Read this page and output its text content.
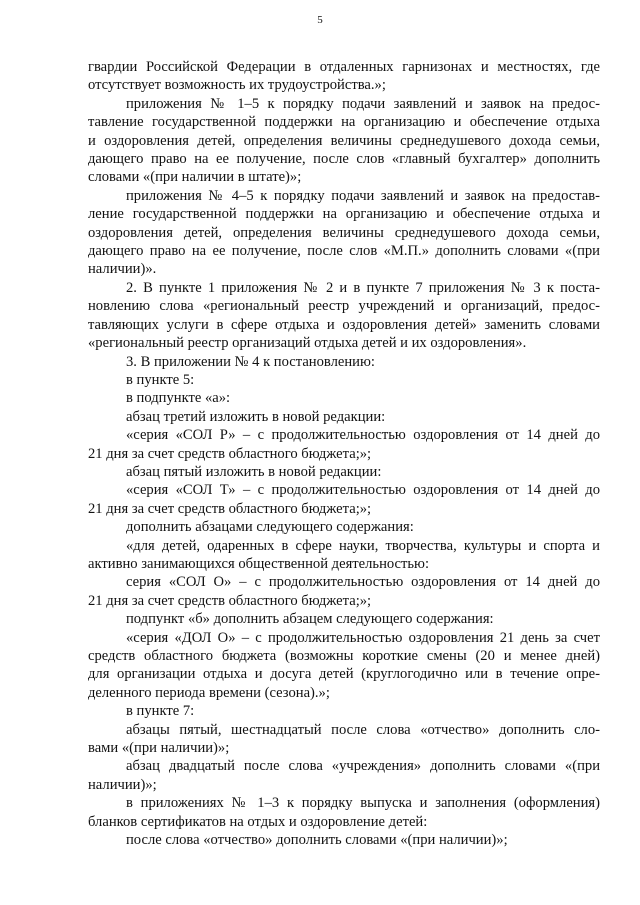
5
гвардии Российской Федерации в отдаленных гарнизонах и местностях, где
отсутствует возможность их трудоустройства.»;
приложения № 1–5 к порядку подачи заявлений и заявок на предос-
тавление государственной поддержки на организацию и обеспечение отдыха
и оздоровления детей, определения величины среднедушевого дохода семьи,
дающего право на ее получение, после слов «главный бухгалтер» дополнить
словами «(при наличии в штате)»;
приложения № 4–5 к порядку подачи заявлений и заявок на предостав-
ление государственной поддержки на организацию и обеспечение отдыха и
оздоровления детей, определения величины среднедушевого дохода семьи,
дающего право на ее получение, после слов «М.П.» дополнить словами «(при
наличии)».
2. В пункте 1 приложения № 2 и в пункте 7 приложения № 3 к поста-
новлению слова «региональный реестр учреждений и организаций, предос-
тавляющих услуги в сфере отдыха и оздоровления детей» заменить словами
«региональный реестр организаций отдыха детей и их оздоровления».
3. В приложении № 4 к постановлению:
в пункте 5:
в подпункте «а»:
абзац третий изложить в новой редакции:
«серия «СОЛ Р» – с продолжительностью оздоровления от 14 дней до
21 дня за счет средств областного бюджета;»;
абзац пятый изложить в новой редакции:
«серия «СОЛ Т» – с продолжительностью оздоровления от 14 дней до
21 дня за счет средств областного бюджета;»;
дополнить абзацами следующего содержания:
«для детей, одаренных в сфере науки, творчества, культуры и спорта и
активно занимающихся общественной деятельностью:
серия «СОЛ О» – с продолжительностью оздоровления от 14 дней до
21 дня за счет средств областного бюджета;»;
подпункт «б» дополнить абзацем следующего содержания:
«серия «ДОЛ О» – с продолжительностью оздоровления 21 день за счет
средств областного бюджета (возможны короткие смены (20 и менее дней)
для организации отдыха и досуга детей (круглогодично или в течение опре-
деленного периода времени (сезона).»;
в пункте 7:
абзацы пятый, шестнадцатый после слова «отчество» дополнить сло-
вами «(при наличии)»;
абзац двадцатый после слова «учреждения» дополнить словами «(при
наличии)»;
в приложениях № 1–3 к порядку выпуска и заполнения (оформления)
бланков сертификатов на отдых и оздоровление детей:
после слова «отчество» дополнить словами «(при наличии)»;
